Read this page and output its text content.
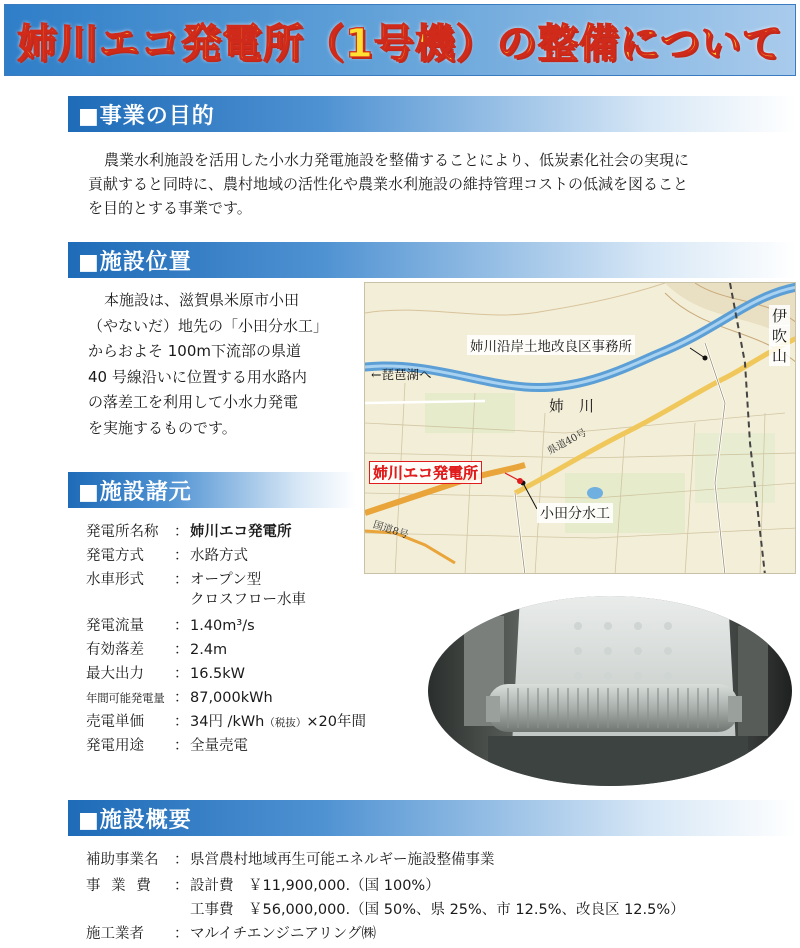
姉川エコ発電所（1号機）の整備について
■事業の目的
農業水利施設を活用した小水力発電施設を整備することにより、低炭素化社会の実現に
貢献すると同時に、農村地域の活性化や農業水利施設の維持管理コストの低減を図ること
を目的とする事業です。
■施設位置
本施設は、滋賀県米原市小田
（やないだ）地先の「小田分水工」
からおよそ 100m下流部の県道
40 号線沿いに位置する用水路内
の落差工を利用して小水力発電
を実施するものです。
姉川沿岸土地改良区事務所
←琵琶湖へ
姉　川
伊
吹
山
小田分水工
県道40号
国道8号
姉川エコ発電所
■施設諸元
発電所名称	： 姉川エコ発電所
発電方式	： 水路方式
水車形式	： オープン型
クロスフロー水車
発電流量	： 1.40m³/s
有効落差	： 2.4m
最大出力	： 16.5kW
年間可能発電量 ： 87,000kWh
売電単価	： 34円 /kWh（税抜）×20年間
発電用途	： 全量売電
■施設概要
補助事業名	： 県営農村地域再生可能エネルギー施設整備事業
事 業 費	： 設計費　￥11,900,000.（国 100%）
工事費　￥56,000,000.（国 50%、県 25%、市 12.5%、改良区 12.5%）
施工業者	： マルイチエンジニアリング㈱
